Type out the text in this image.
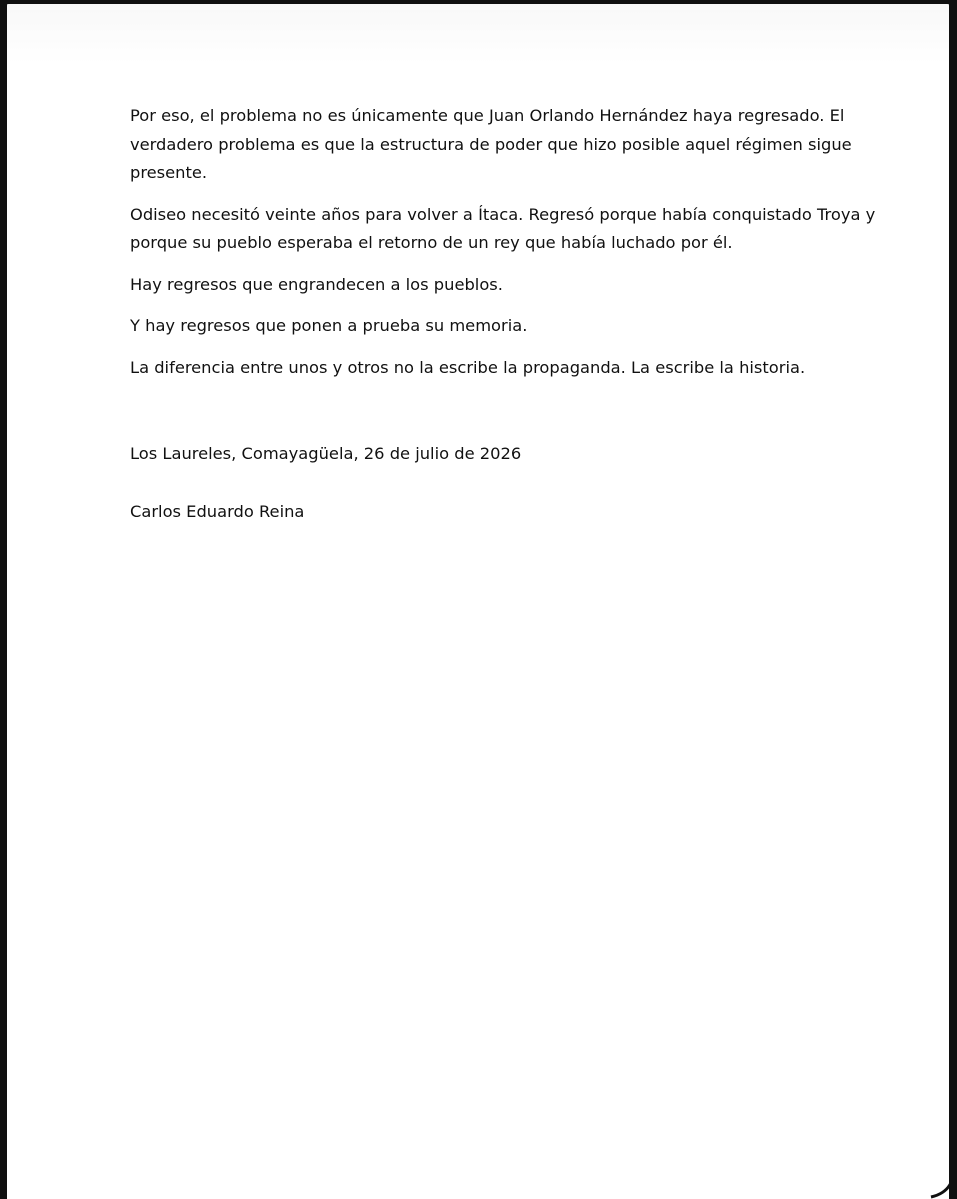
Por eso, el problema no es únicamente que Juan Orlando Hernández haya regresado. El verdadero problema es que la estructura de poder que hizo posible aquel régimen sigue presente.

Odiseo necesitó veinte años para volver a Ítaca. Regresó porque había conquistado Troya y porque su pueblo esperaba el retorno de un rey que había luchado por él.

Hay regresos que engrandecen a los pueblos.

Y hay regresos que ponen a prueba su memoria.

La diferencia entre unos y otros no la escribe la propaganda. La escribe la historia.

Los Laureles, Comayagüela, 26 de julio de 2026

Carlos Eduardo Reina
